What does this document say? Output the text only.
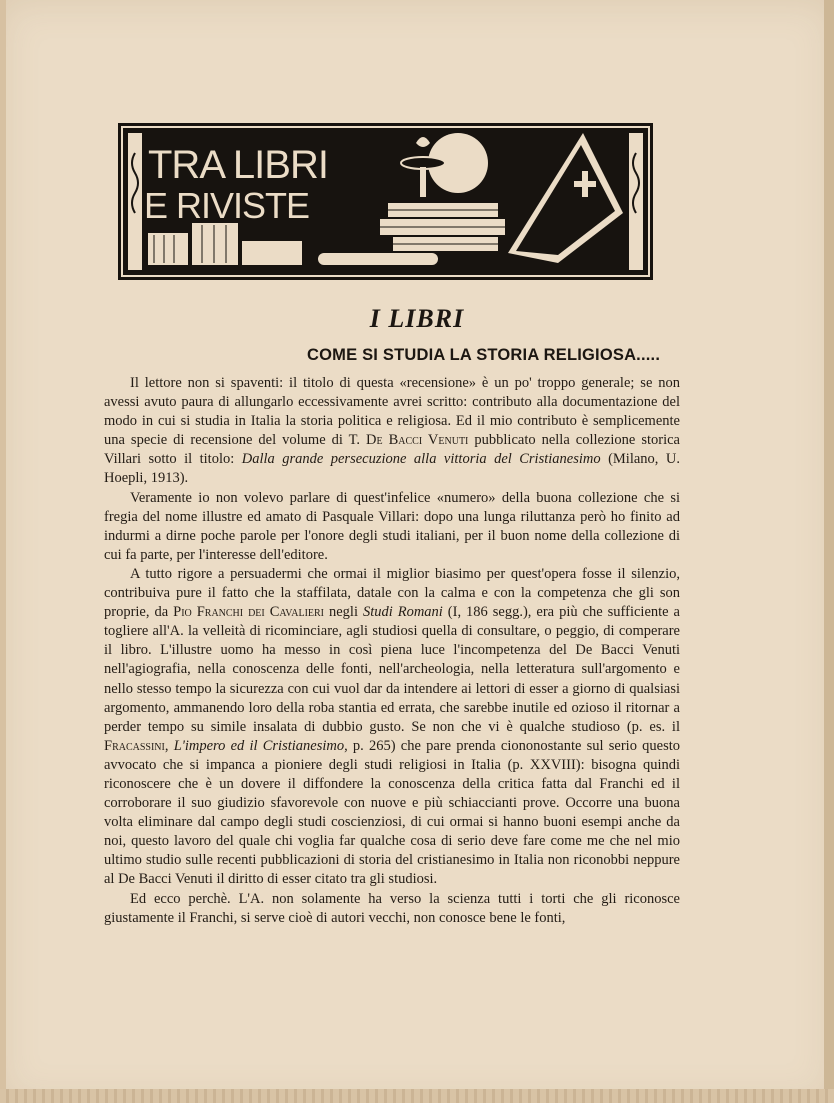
TRA LIBRI
E RIVISTE
I LIBRI
COME SI STUDIA LA STORIA RELIGIOSA.....

Il lettore non si spaventi: il titolo di questa «recensione» è un po' troppo generale; se non avessi avuto paura di allungarlo eccessivamente avrei scritto: contributo alla documentazione del modo in cui si studia in Italia la storia politica e religiosa. Ed il mio contributo è semplicemente una specie di recensione del volume di T. De Bacci Venuti pubblicato nella collezione storica Villari sotto il titolo: Dalla grande persecuzione alla vittoria del Cristianesimo (Milano, U. Hoepli, 1913).

Veramente io non volevo parlare di quest'infelice «numero» della buona collezione che si fregia del nome illustre ed amato di Pasquale Villari: dopo una lunga riluttanza però ho finito ad indurmi a dirne poche parole per l'onore degli studi italiani, per il buon nome della collezione di cui fa parte, per l'interesse dell'editore.

A tutto rigore a persuadermi che ormai il miglior biasimo per quest'opera fosse il silenzio, contribuiva pure il fatto che la staffilata, datale con la calma e con la competenza che gli son proprie, da Pio Franchi dei Cavalieri negli Studi Romani (I, 186 segg.), era più che sufficiente a togliere all'A. la velleità di ricominciare, agli studiosi quella di consultare, o peggio, di comperare il libro. L'illustre uomo ha messo in così piena luce l'incompetenza del De Bacci Venuti nell'agiografia, nella conoscenza delle fonti, nell'archeologia, nella letteratura sull'argomento e nello stesso tempo la sicurezza con cui vuol dar da intendere ai lettori di esser a giorno di qualsiasi argomento, ammanendo loro della roba stantia ed errata, che sarebbe inutile ed ozioso il ritornar a perder tempo su simile insalata di dubbio gusto. Se non che vi è qualche studioso (p. es. il Fracassini, L'impero ed il Cristianesimo, p. 265) che pare prenda ciononostante sul serio questo avvocato che si impanca a pioniere degli studi religiosi in Italia (p. XXVIII): bisogna quindi riconoscere che è un dovere il diffondere la conoscenza della critica fatta dal Franchi ed il corroborare il suo giudizio sfavorevole con nuove e più schiaccianti prove. Occorre una buona volta eliminare dal campo degli studi coscienziosi, di cui ormai si hanno buoni esempi anche da noi, questo lavoro del quale chi voglia far qualche cosa di serio deve fare come me che nel mio ultimo studio sulle recenti pubblicazioni di storia del cristianesimo in Italia non riconobbi neppure al De Bacci Venuti il diritto di esser citato tra gli studiosi.

Ed ecco perchè. L'A. non solamente ha verso la scienza tutti i torti che gli riconosce giustamente il Franchi, si serve cioè di autori vecchi, non conosce bene le fonti,
